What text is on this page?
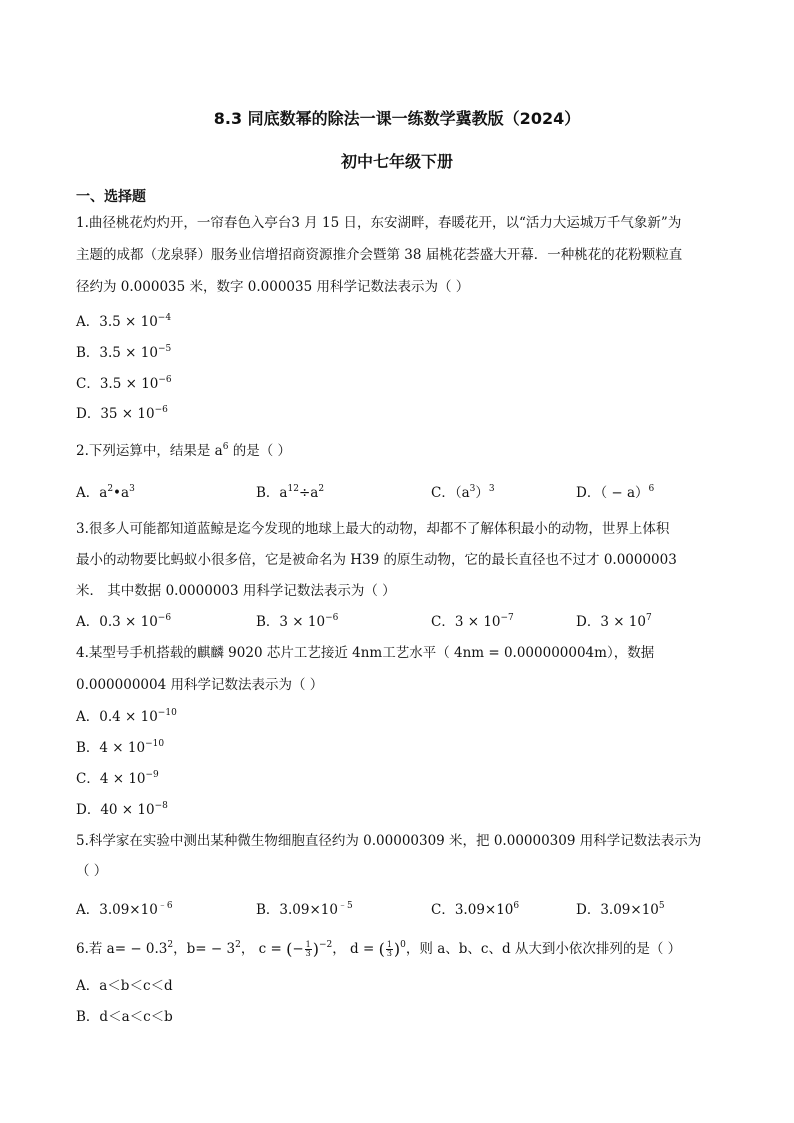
8.3 同底数幂的除法一课一练数学冀教版（2024）
初中七年级下册
一、选择题
1.曲径桃花灼灼开，一帘春色入亭台3 月 15 日，东安湖畔，春暖花开，以“活力大运城万千气象新”为
主题的成都（龙泉驿）服务业信增招商资源推介会暨第 38 届桃花荟盛大开幕．一种桃花的花粉颗粒直
径约为 0.000035 米，数字 0.000035 用科学记数法表示为（ ）
A．$3.5 \times 10^{-4}$
B．$3.5 \times 10^{-5}$
C．$3.5 \times 10^{-6}$
D．$35 \times 10^{-6}$
2.下列运算中，结果是 $a^6$ 的是（ ）
A．$a^2•a^3$	B．$a^{12}\div a^2$	C．$(a^3)^3$	D．（ − a）$^6$
3.很多人可能都知道蓝鲸是迄今发现的地球上最大的动物，却都不了解体积最小的动物，世界上体积
最小的动物要比蚂蚁小很多倍，它是被命名为 H39 的原生动物，它的最长直径也不过才 0.0000003
米． 其中数据 0.0000003 用科学记数法表示为（ ）
A．$0.3 \times 10^{-6}$	B．$3 \times 10^{-6}$	C．$3 \times 10^{-7}$	D．$3 \times 10^7$
4.某型号手机搭载的麒麟 9020 芯片工艺接近 4nm工艺水平（ 4nm = 0.000000004m），数据
0.000000004 用科学记数法表示为（ ）
A．$0.4 \times 10^{-10}$
B．$4 \times 10^{-10}$
C．$4 \times 10^{-9}$
D．$40 \times 10^{-8}$
5.科学家在实验中测出某种微生物细胞直径约为 0.00000309 米，把 0.00000309 用科学记数法表示为
（ ）
A．$3.09\times 10^{﹣6}$	B．$3.09\times 10^{﹣5}$	C．$3.09\times 10^6$	D．$3.09\times 10^5$
6.若 $a= - 0.3^2$，$b= - 3^2$， c = (− $\frac{1}{3} )^{-2}$， d = ( $\frac{1}{3} )^0$，则 a、b、c、d 从大到小依次排列的是（ ）
A．a＜b＜c＜d
B．d＜a＜c＜b
